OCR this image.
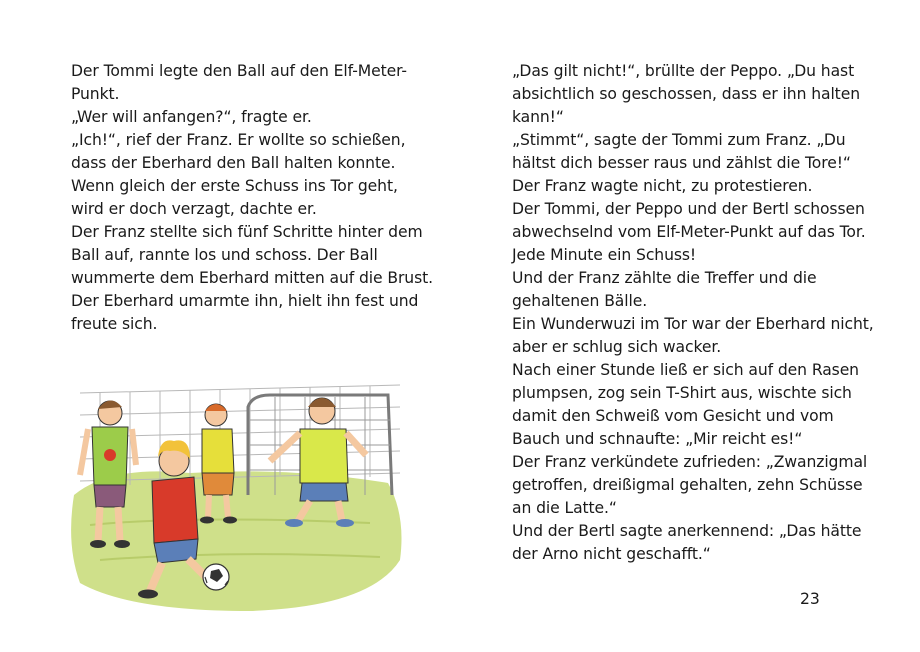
Der Tommi legte den Ball auf den Elf-Meter-

Punkt.

„Wer will anfangen?“, fragte er.

„Ich!“, rief der Franz. Er wollte so schießen,

dass der Eberhard den Ball halten konnte.

Wenn gleich der erste Schuss ins Tor geht,

wird er doch verzagt, dachte er.

Der Franz stellte sich fünf Schritte hinter dem

Ball auf, rannte los und schoss. Der Ball

wummerte dem Eberhard mitten auf die Brust.

Der Eberhard umarmte ihn, hielt ihn fest und

freute sich.

„Das gilt nicht!“, brüllte der Peppo. „Du hast

absichtlich so geschossen, dass er ihn halten

kann!“

„Stimmt“, sagte der Tommi zum Franz. „Du

hältst dich besser raus und zählst die Tore!“

Der Franz wagte nicht, zu protestieren.

Der Tommi, der Peppo und der Bertl schossen

abwechselnd vom Elf-Meter-Punkt auf das Tor.

Jede Minute ein Schuss!

Und der Franz zählte die Treffer und die

gehaltenen Bälle.

Ein Wunderwuzi im Tor war der Eberhard nicht,

aber er schlug sich wacker.

Nach einer Stunde ließ er sich auf den Rasen

plumpsen, zog sein T-Shirt aus, wischte sich

damit den Schweiß vom Gesicht und vom

Bauch und schnaufte: „Mir reicht es!“

Der Franz verkündete zufrieden: „Zwanzigmal

getroffen, dreißigmal gehalten, zehn Schüsse

an die Latte.“

Und der Bertl sagte anerkennend: „Das hätte

der Arno nicht geschafft.“

23
